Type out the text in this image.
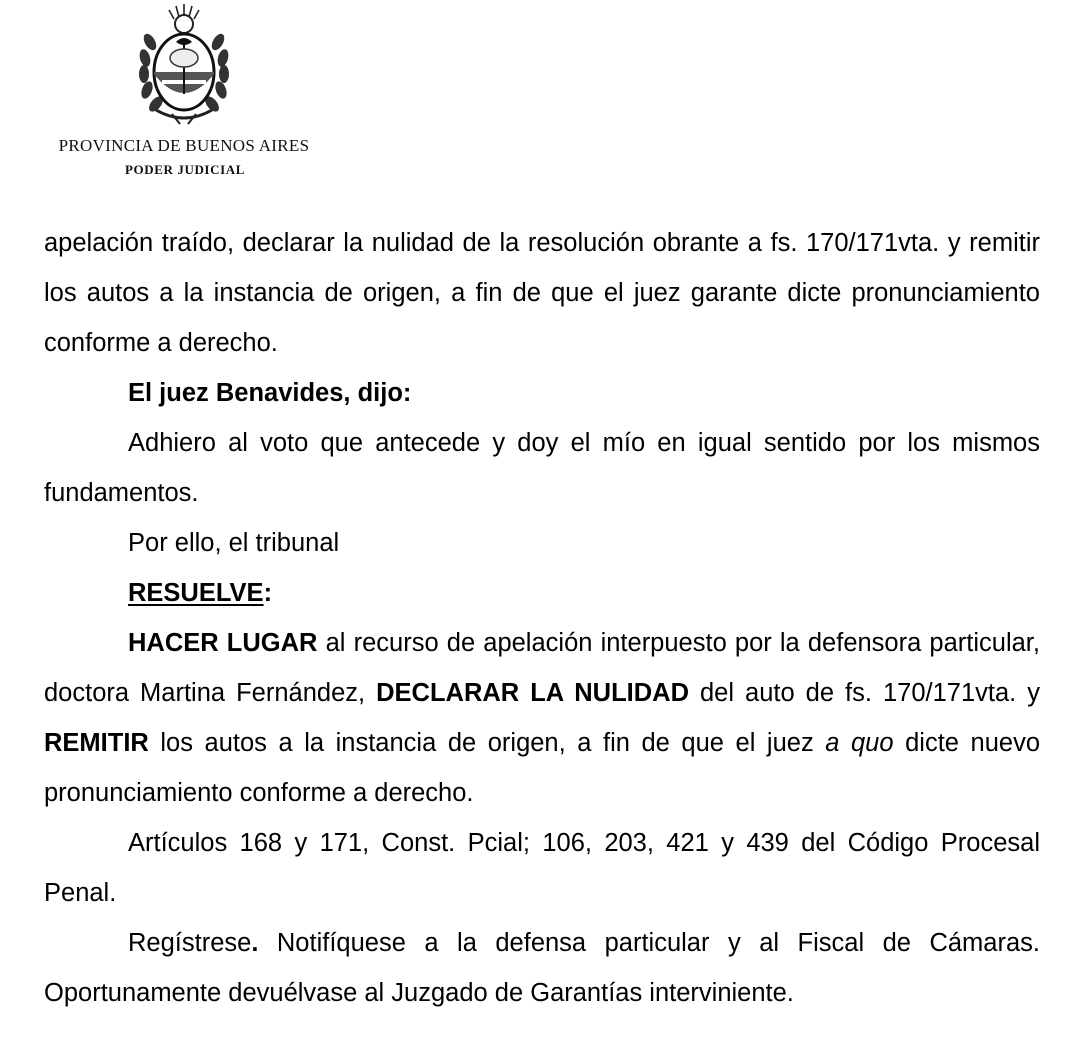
PROVINCIA DE BUENOS AIRES
PODER JUDICIAL

apelación traído, declarar la nulidad de la resolución obrante a fs. 170/171vta. y remitir los autos a la instancia de origen, a fin de que el juez garante dicte pronunciamiento conforme a derecho.

El juez Benavides, dijo:

Adhiero al voto que antecede y doy el mío en igual sentido por los mismos fundamentos.

Por ello, el tribunal

RESUELVE:

HACER LUGAR al recurso de apelación interpuesto por la defensora particular, doctora Martina Fernández, DECLARAR LA NULIDAD del auto de fs. 170/171vta. y REMITIR los autos a la instancia de origen, a fin de que el juez a quo dicte nuevo pronunciamiento conforme a derecho.

Artículos 168 y 171, Const. Pcial; 106, 203, 421 y 439 del Código Procesal Penal.

Regístrese. Notifíquese a la defensa particular y al Fiscal de Cámaras. Oportunamente devuélvase al Juzgado de Garantías interviniente.
